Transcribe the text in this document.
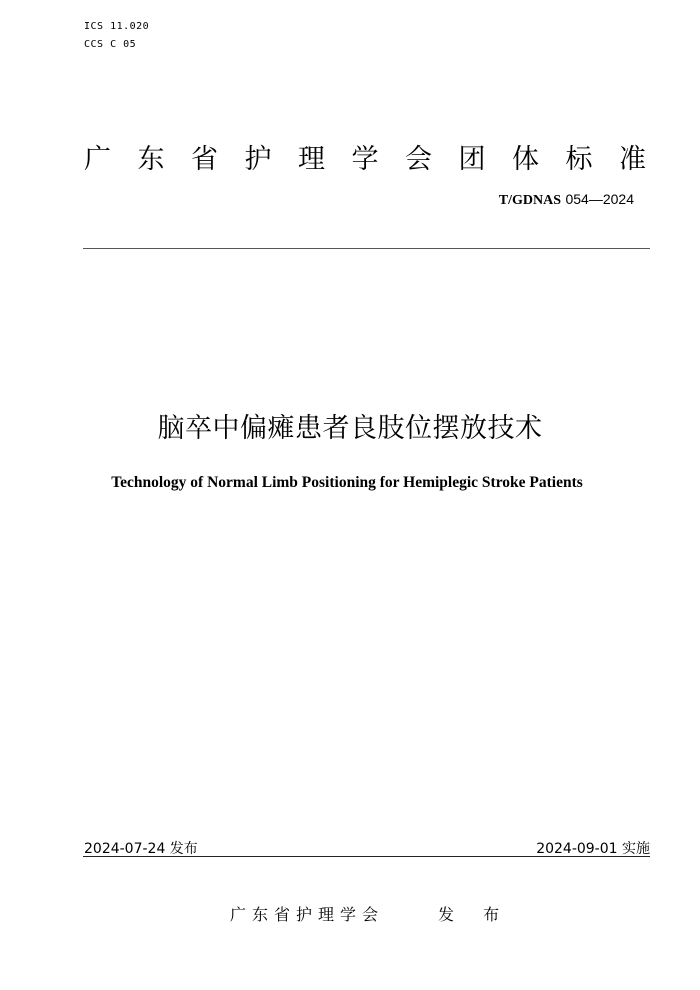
ICS 11.020
CCS C 05
广东省护理学会团体标准
T/GDNAS 054—2024
脑卒中偏瘫患者良肢位摆放技术
Technology of Normal Limb Positioning for Hemiplegic Stroke Patients
2024-07-24 发布	2024-09-01 实施
广东省护理学会	发 布
